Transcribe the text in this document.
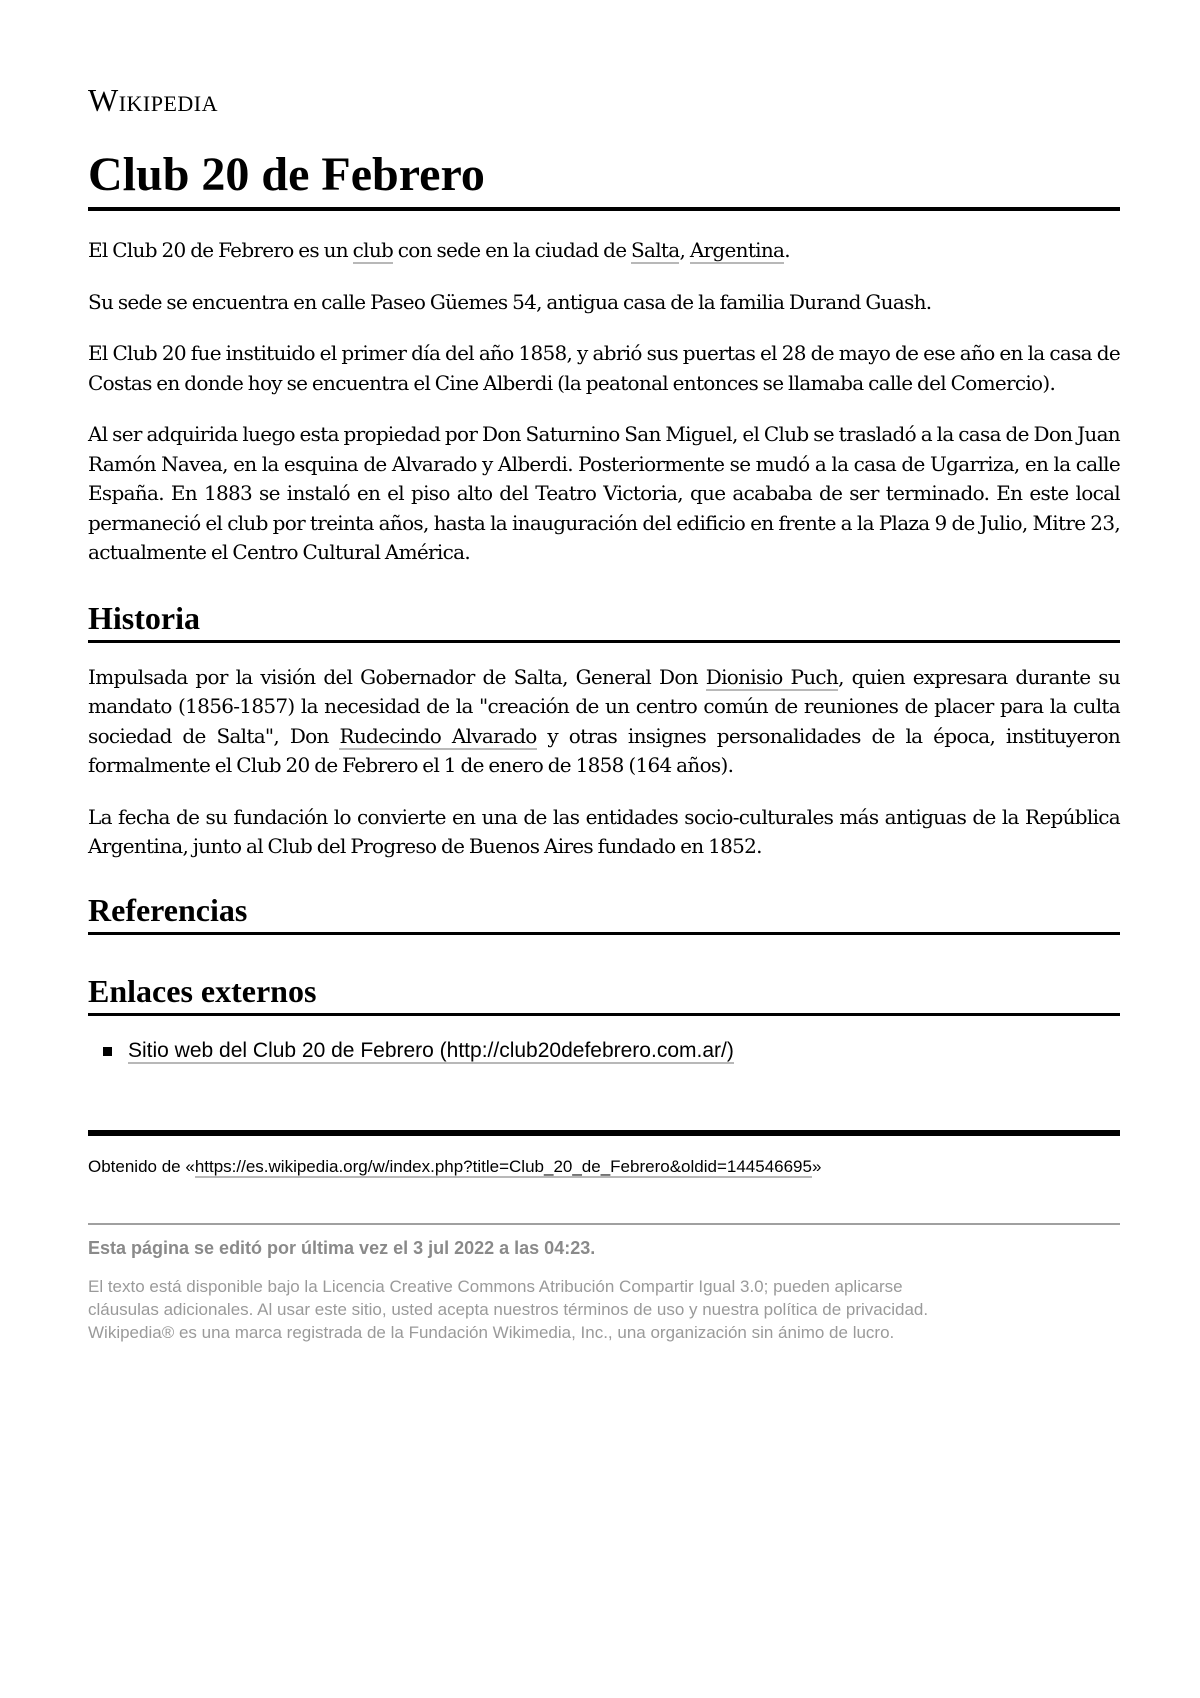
Wikipedia
Club 20 de Febrero

El Club 20 de Febrero es un club con sede en la ciudad de Salta, Argentina.

Su sede se encuentra en calle Paseo Güemes 54, antigua casa de la familia Durand Guash.

El Club 20 fue instituido el primer día del año 1858, y abrió sus puertas el 28 de mayo de ese año en la casa de Costas en donde hoy se encuentra el Cine Alberdi (la peatonal entonces se llamaba calle del Comercio).

Al ser adquirida luego esta propiedad por Don Saturnino San Miguel, el Club se trasladó a la casa de Don Juan Ramón Navea, en la esquina de Alvarado y Alberdi. Posteriormente se mudó a la casa de Ugarriza, en la calle España. En 1883 se instaló en el piso alto del Teatro Victoria, que acababa de ser terminado. En este local permaneció el club por treinta años, hasta la inauguración del edificio en frente a la Plaza 9 de Julio, Mitre 23, actualmente el Centro Cultural América.

Historia

Impulsada por la visión del Gobernador de Salta, General Don Dionisio Puch, quien expresara durante su mandato (1856-1857) la necesidad de la "creación de un centro común de reuniones de placer para la culta sociedad de Salta", Don Rudecindo Alvarado y otras insignes personalidades de la época, instituyeron formalmente el Club 20 de Febrero el 1 de enero de 1858 (164 años).

La fecha de su fundación lo convierte en una de las entidades socio-culturales más antiguas de la República Argentina, junto al Club del Progreso de Buenos Aires fundado en 1852.

Referencias
Enlaces externos
Sitio web del Club 20 de Febrero (http://club20defebrero.com.ar/)
Obtenido de «https://es.wikipedia.org/w/index.php?title=Club_20_de_Febrero&oldid=144546695»
Esta página se editó por última vez el 3 jul 2022 a las 04:23.
El texto está disponible bajo la Licencia Creative Commons Atribución Compartir Igual 3.0; pueden aplicarse
cláusulas adicionales. Al usar este sitio, usted acepta nuestros términos de uso y nuestra política de privacidad.
Wikipedia® es una marca registrada de la Fundación Wikimedia, Inc., una organización sin ánimo de lucro.
